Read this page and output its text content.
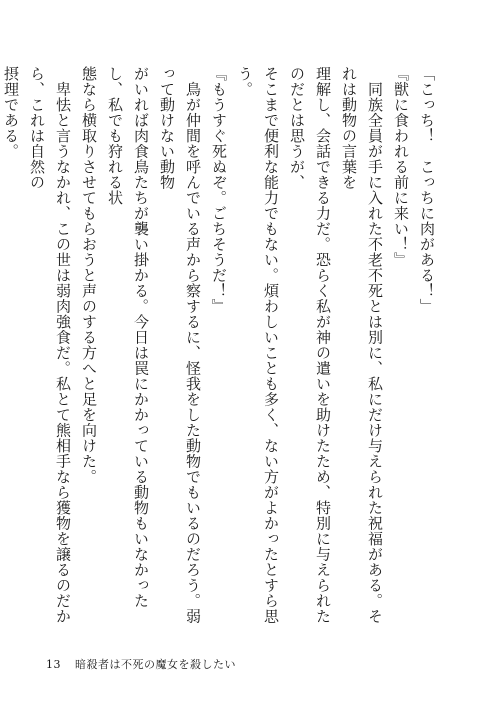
「こっち！　こっちに肉がある！」

『獣に食われる前に来い！』

　同族全員が手に入れた不老不死とは別に、私にだけ与えられた祝福がある。それは動物の言葉を

理解し、会話できる力だ。恐らく私が神の遣いを助けたため、特別に与えられたのだとは思うが、

そこまで便利な能力でもない。煩わしいことも多く、ない方がよかったとすら思う。

『もうすぐ死ぬぞ。ごちそうだ！』

　鳥が仲間を呼んでいる声から察するに、怪我をした動物でもいるのだろう。弱って動けない動物

がいれば肉食鳥たちが襲い掛かる。今日は罠にかかっている動物もいなかったし、私でも狩れる状

態なら横取りさせてもらおうと声のする方へと足を向けた。

　卑怯と言うなかれ、この世は弱肉強食だ。私とて熊相手なら獲物を譲るのだから、これは自然の

摂理である。

13 暗殺者は不死の魔女を殺したい
